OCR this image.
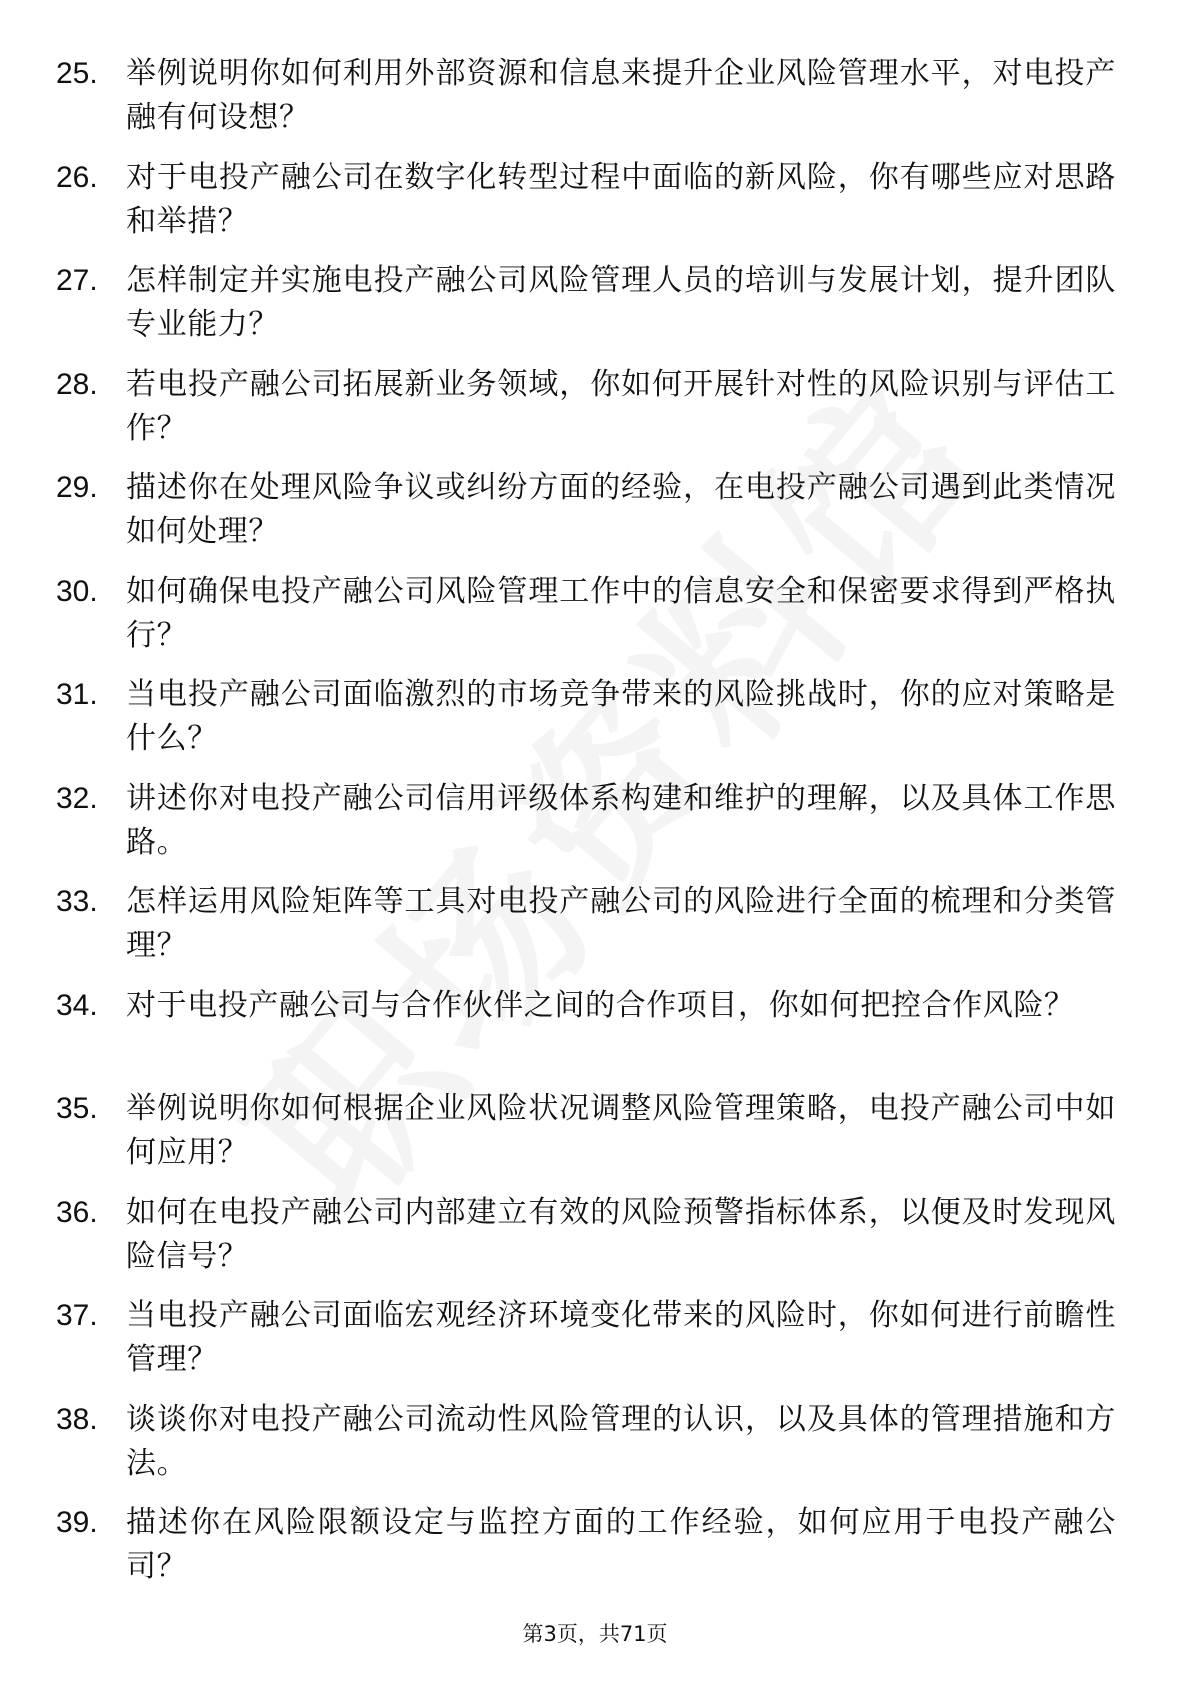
25. 举例说明你如何利用外部资源和信息来提升企业风险管理水平，对电投产融有何设想？
26. 对于电投产融公司在数字化转型过程中面临的新风险，你有哪些应对思路和举措？
27. 怎样制定并实施电投产融公司风险管理人员的培训与发展计划，提升团队专业能力？
28. 若电投产融公司拓展新业务领域，你如何开展针对性的风险识别与评估工作？
29. 描述你在处理风险争议或纠纷方面的经验，在电投产融公司遇到此类情况如何处理？
30. 如何确保电投产融公司风险管理工作中的信息安全和保密要求得到严格执行？
31. 当电投产融公司面临激烈的市场竞争带来的风险挑战时，你的应对策略是什么？
32. 讲述你对电投产融公司信用评级体系构建和维护的理解，以及具体工作思路。
33. 怎样运用风险矩阵等工具对电投产融公司的风险进行全面的梳理和分类管理？
34. 对于电投产融公司与合作伙伴之间的合作项目，你如何把控合作风险？
35. 举例说明你如何根据企业风险状况调整风险管理策略，电投产融公司中如何应用？
36. 如何在电投产融公司内部建立有效的风险预警指标体系，以便及时发现风险信号？
37. 当电投产融公司面临宏观经济环境变化带来的风险时，你如何进行前瞻性管理？
38. 谈谈你对电投产融公司流动性风险管理的认识，以及具体的管理措施和方法。
39. 描述你在风险限额设定与监控方面的工作经验，如何应用于电投产融公司？
第3页，共71页
